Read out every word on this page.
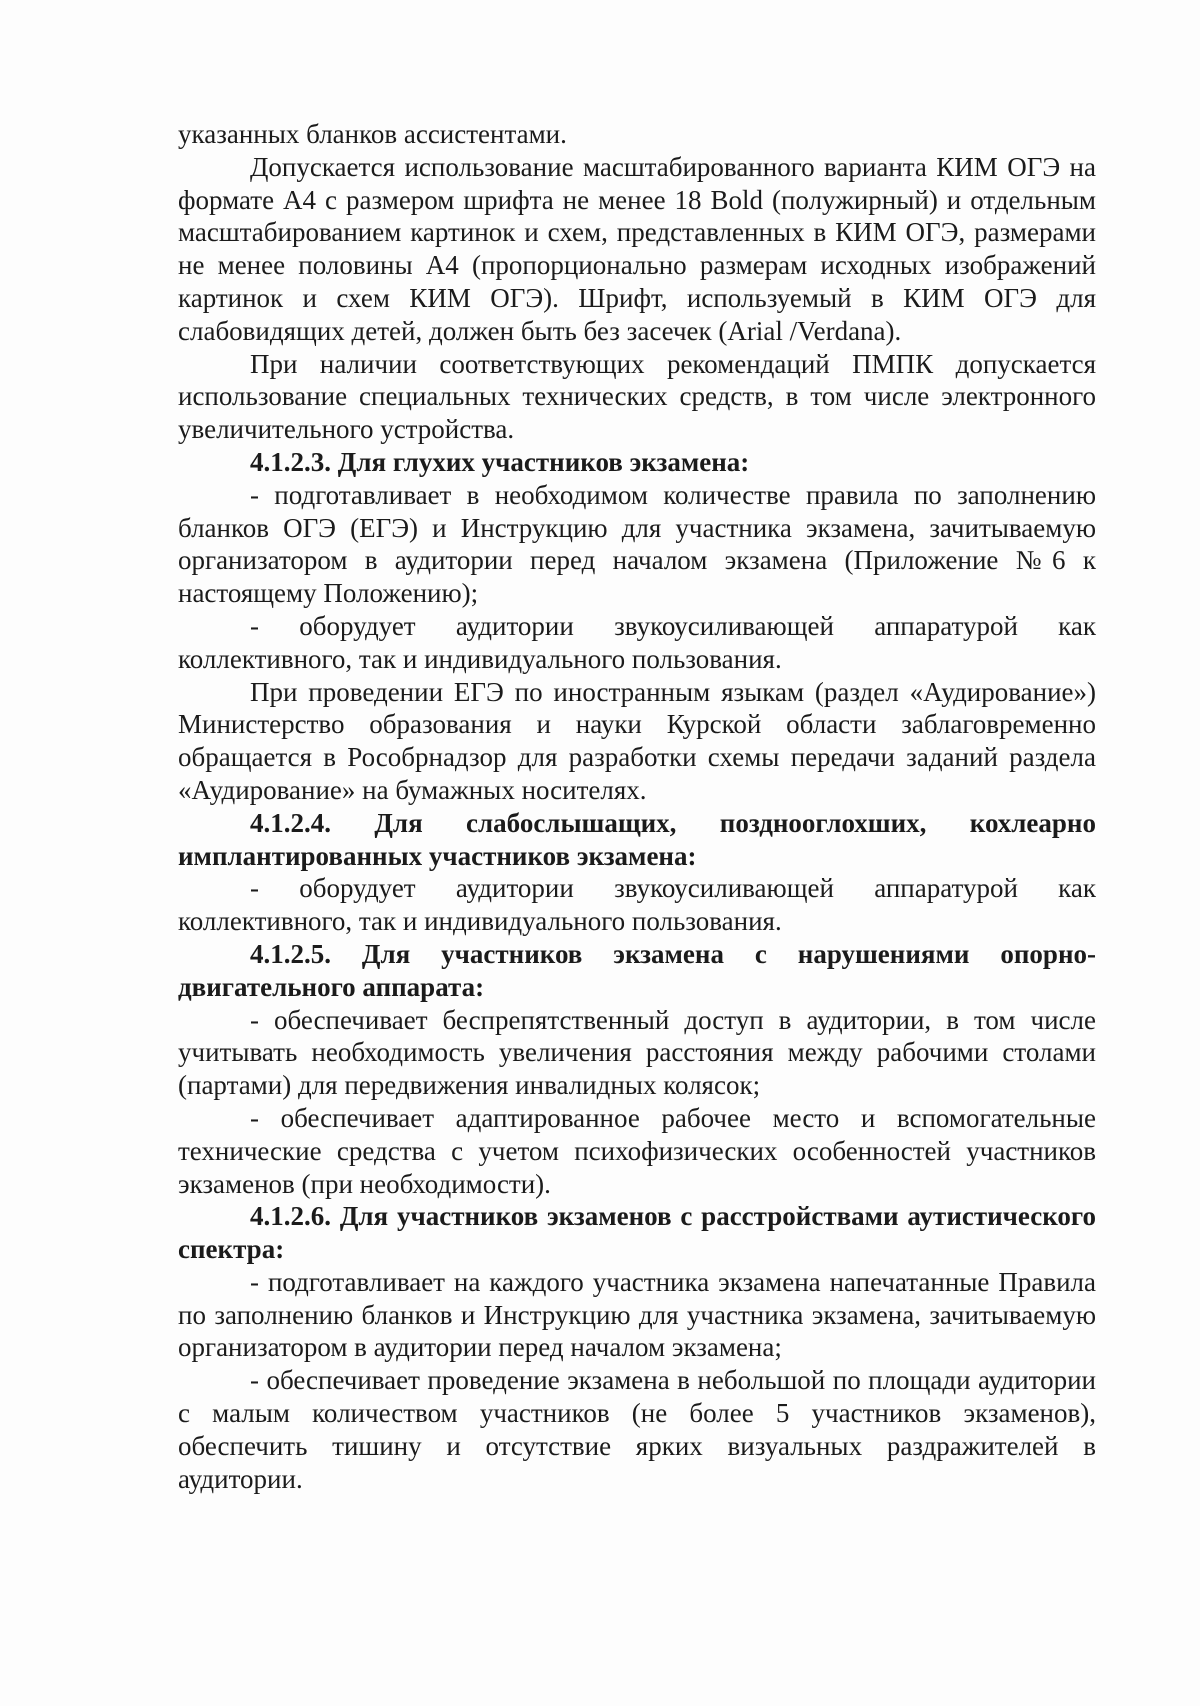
указанных бланков ассистентами.

Допускается использование масштабированного варианта КИМ ОГЭ на формате А4 с размером шрифта не менее 18 Bold (полужирный) и отдельным масштабированием картинок и схем, представленных в КИМ ОГЭ, размерами не менее половины А4 (пропорционально размерам исходных изображений картинок и схем КИМ ОГЭ). Шрифт, используемый в КИМ ОГЭ для слабовидящих детей, должен быть без засечек (Arial /Verdana).

При наличии соответствующих рекомендаций ПМПК допускается использование специальных технических средств, в том числе электронного увеличительного устройства.

4.1.2.3. Для глухих участников экзамена:

- подготавливает в необходимом количестве правила по заполнению бланков ОГЭ (ЕГЭ) и Инструкцию для участника экзамена, зачитываемую организатором в аудитории перед началом экзамена (Приложение №6 к настоящему Положению);

- оборудует аудитории звукоусиливающей аппаратурой как коллективного, так и индивидуального пользования.

При проведении ЕГЭ по иностранным языкам (раздел «Аудирование») Министерство образования и науки Курской области заблаговременно обращается в Рособрнадзор для разработки схемы передачи заданий раздела «Аудирование» на бумажных носителях.

4.1.2.4. Для слабослышащих, позднооглохших, кохлеарно имплантированных участников экзамена:

- оборудует аудитории звукоусиливающей аппаратурой как коллективного, так и индивидуального пользования.

4.1.2.5. Для участников экзамена с нарушениями опорно-двигательного аппарата:

- обеспечивает беспрепятственный доступ в аудитории, в том числе учитывать необходимость увеличения расстояния между рабочими столами (партами) для передвижения инвалидных колясок;

- обеспечивает адаптированное рабочее место и вспомогательные технические средства с учетом психофизических особенностей участников экзаменов (при необходимости).

4.1.2.6. Для участников экзаменов с расстройствами аутистического спектра:

- подготавливает на каждого участника экзамена напечатанные Правила по заполнению бланков и Инструкцию для участника экзамена, зачитываемую организатором в аудитории перед началом экзамена;

- обеспечивает проведение экзамена в небольшой по площади аудитории с малым количеством участников (не более 5 участников экзаменов), обеспечить тишину и отсутствие ярких визуальных раздражителей в аудитории.
